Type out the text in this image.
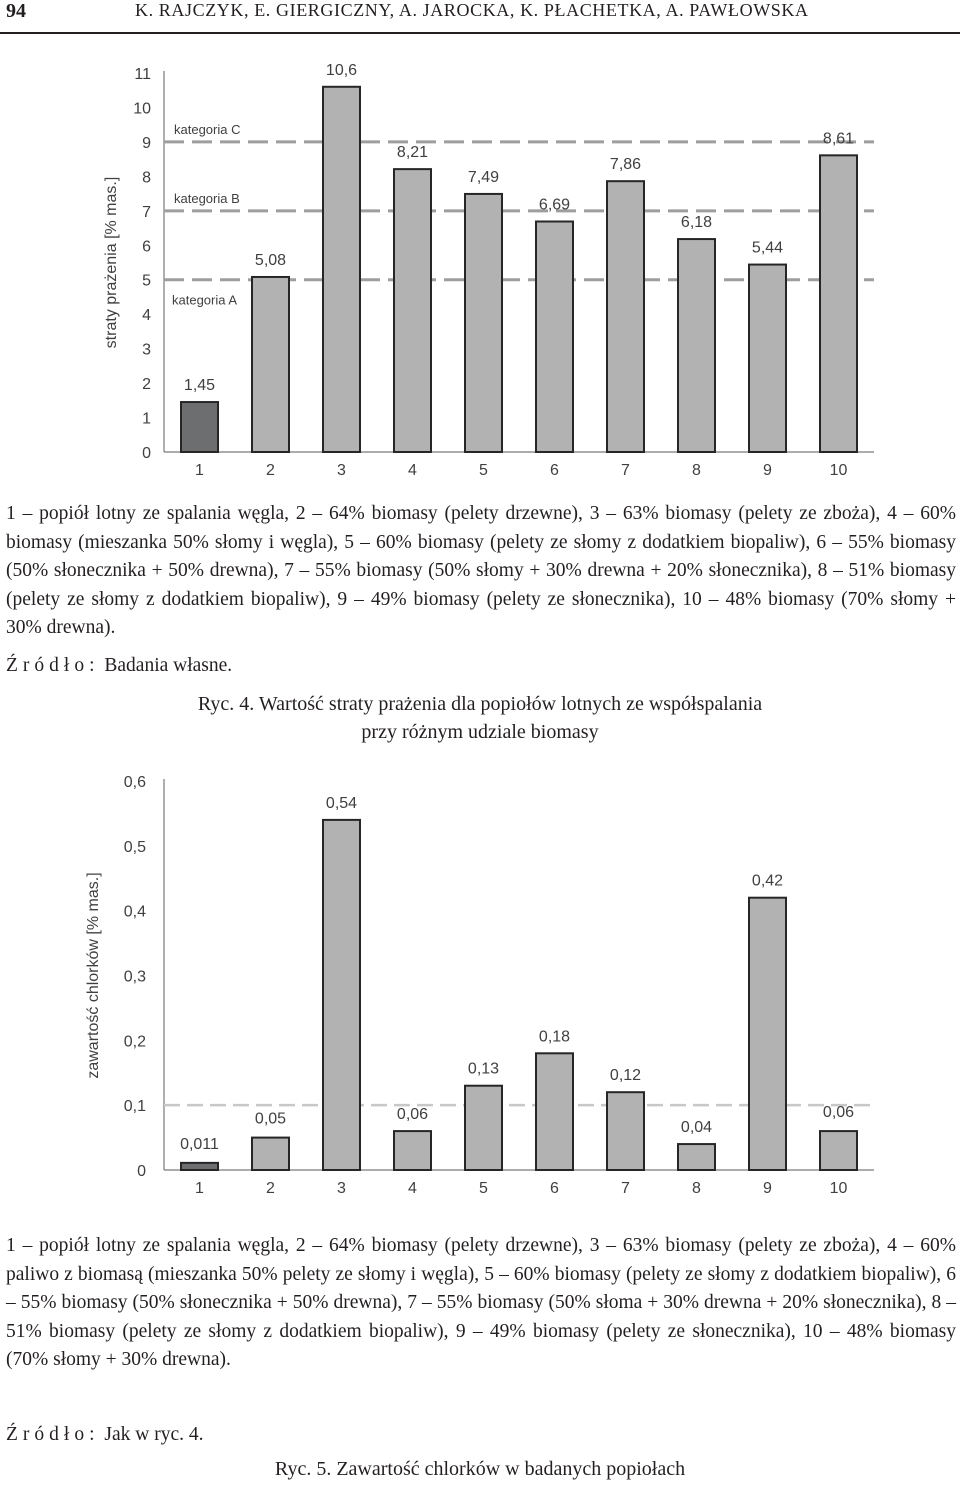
94	K. RAJCZYK, E. GIERGICZNY, A. JAROCKA, K. PŁACHETKA, A. PAWŁOWSKA
straty prażenia [% mas.]
0
1
2
3
4
5
6
7
8
9
10
11
kategoria A
kategoria B
kategoria C
1,45
1
5,08
2
10,6
3
8,21
4
7,49
5
6,69
6
7,86
7
6,18
8
5,44
9
8,61
10
1 – popiół lotny ze spalania węgla, 2 – 64% biomasy (pelety drzewne), 3 – 63% biomasy (pelety ze zboża), 4 – 60% biomasy (mieszanka 50% słomy i węgla), 5 – 60% biomasy (pelety ze słomy z dodatkiem biopaliw), 6 – 55% biomasy (50% słonecznika + 50% drewna), 7 – 55% biomasy (50% słomy + 30% drewna + 20% słonecznika), 8 – 51% biomasy (pelety ze słomy z dodatkiem biopaliw), 9 – 49% biomasy (pelety ze słonecznika), 10 – 48% biomasy (70% słomy + 30% drewna).
Źródło: Badania własne.
Ryc. 4. Wartość straty prażenia dla popiołów lotnych ze współspalania
przy różnym udziale biomasy
zawartość chlorków [% mas.]
0
0,1
0,2
0,3
0,4
0,5
0,6
0,011
1
0,05
2
0,54
3
0,06
4
0,13
5
0,18
6
0,12
7
0,04
8
0,42
9
0,06
10
1 – popiół lotny ze spalania węgla, 2 – 64% biomasy (pelety drzewne), 3 – 63% biomasy (pelety ze zboża), 4 – 60% paliwo z biomasą (mieszanka 50% pelety ze słomy i węgla), 5 – 60% biomasy (pelety ze słomy z dodatkiem biopaliw), 6 – 55% biomasy (50% słonecznika + 50% drewna), 7 – 55% biomasy (50% słoma + 30% drewna + 20% słonecznika), 8 – 51% biomasy (pelety ze słomy z dodatkiem biopaliw), 9 – 49% biomasy (pelety ze słonecznika), 10 – 48% biomasy (70% słomy + 30% drewna).
Źródło: Jak w ryc. 4.
Ryc. 5. Zawartość chlorków w badanych popiołach
